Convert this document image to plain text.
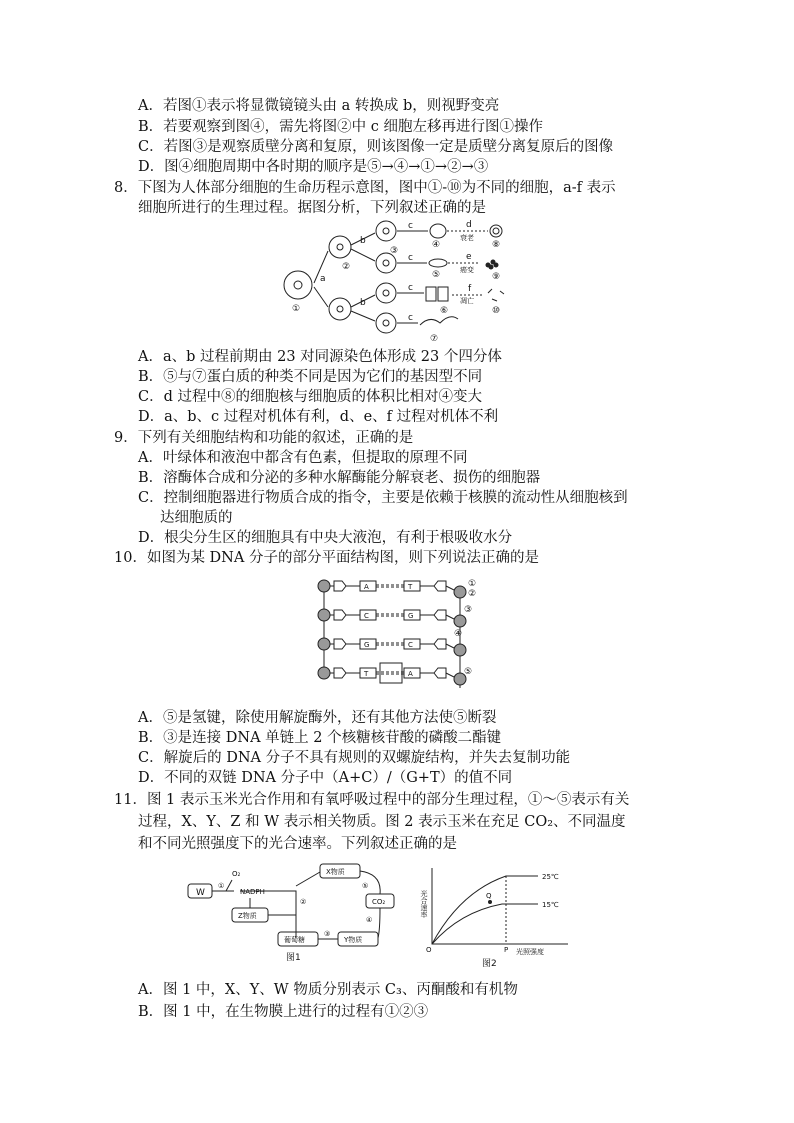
A．若图①表示将显微镜镜头由 a 转换成 b，则视野变亮
B．若要观察到图④，需先将图②中 c 细胞左移再进行图①操作
C．若图③是观察质壁分离和复原，则该图像一定是质壁分离复原后的图像
D．图④细胞周期中各时期的顺序是⑤→④→①→②→③
8．下图为人体部分细胞的生命历程示意图，图中①-⑩为不同的细胞，a-f 表示
细胞所进行的生理过程。据图分析，下列叙述正确的是
a
b
b
c
c
c
c
d
衰老
e
癌变
f
凋亡
①
②
③
④
⑤
⑥
⑦
⑧
⑨
⑩
A．a、b 过程前期由 23 对同源染色体形成 23 个四分体
B．⑤与⑦蛋白质的种类不同是因为它们的基因型不同
C．d 过程中⑧的细胞核与细胞质的体积比相对④变大
D．a、b、c 过程对机体有利，d、e、f 过程对机体不利
9．下列有关细胞结构和功能的叙述，正确的是
A．叶绿体和液泡中都含有色素，但提取的原理不同
B．溶酶体合成和分泌的多种水解酶能分解衰老、损伤的细胞器
C．控制细胞器进行物质合成的指令，主要是依赖于核膜的流动性从细胞核到
达细胞质的
D．根尖分生区的细胞具有中央大液泡，有利于根吸收水分
10．如图为某 DNA 分子的部分平面结构图，则下列说法正确的是
A	T
C	G
G	C
T	A
①
②
③
④
⑤
A．⑤是氢键，除使用解旋酶外，还有其他方法使⑤断裂
B．③是连接 DNA 单链上 2 个核糖核苷酸的磷酸二酯键
C．解旋后的 DNA 分子不具有规则的双螺旋结构，并失去复制功能
D．不同的双链 DNA 分子中（A+C）/（G+T）的值不同
11．图 1 表示玉米光合作用和有氧呼吸过程中的部分生理过程，①～⑤表示有关
过程，X、Y、Z 和 W 表示相关物质。图 2 表示玉米在充足 CO₂、不同温度
和不同光照强度下的光合速率。下列叙述正确的是
W
O₂
①
NADPH
X物质
Z物质
CO₂
葡萄糖	Y物质
②
③
④
⑤
图1
光合速率
光照强度
O	P
Q
25℃
15℃
图2
A．图 1 中，X、Y、W 物质分别表示 C₃、丙酮酸和有机物
B．图 1 中，在生物膜上进行的过程有①②③
